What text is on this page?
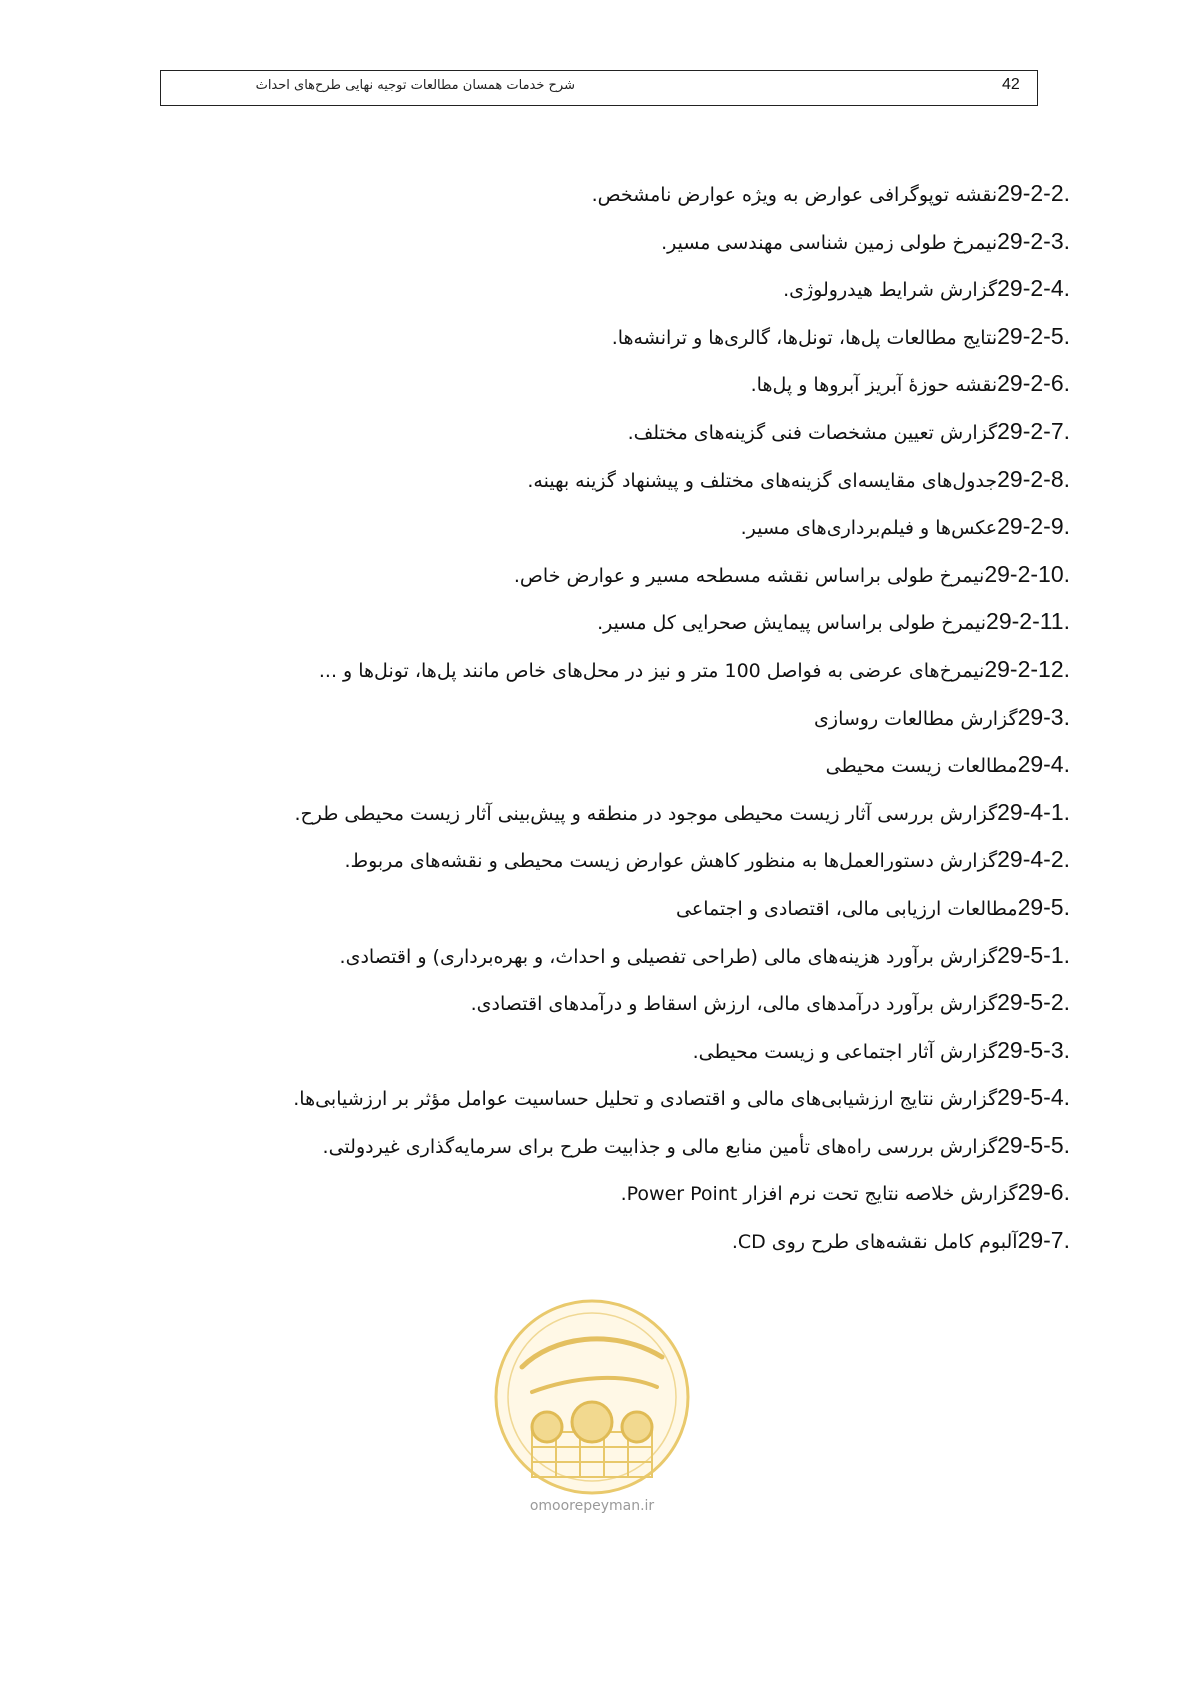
42
شرح خدمات همسان مطالعات توجیه نهایی طرح‌های احداث
29-2-2.نقشه توپوگرافی عوارض به ویژه عوارض نامشخص.
29-2-3.نیمرخ طولی زمین شناسی مهندسی مسیر.
29-2-4.گزارش شرایط هیدرولوژی.
29-2-5.نتایج مطالعات پل‌ها، تونل‌ها، گالری‌ها و ترانشه‌ها.
29-2-6.نقشه حوزهٔ آبریز آبروها و پل‌ها.
29-2-7.گزارش تعیین مشخصات فنی گزینه‌های مختلف.
29-2-8.جدول‌های مقایسه‌ای گزینه‌های مختلف و پیشنهاد گزینه بهینه.
29-2-9.عکس‌ها و فیلم‌برداری‌های مسیر.
29-2-10.نیمرخ طولی براساس نقشه مسطحه مسیر و عوارض خاص.
29-2-11.نیمرخ طولی براساس پیمایش صحرایی کل مسیر.
29-2-12.نیمرخ‌های عرضی به فواصل 100 متر و نیز در محل‌های خاص مانند پل‌ها، تونل‌ها و ...
29-3.گزارش مطالعات روسازی
29-4.مطالعات زیست محیطی
29-4-1.گزارش بررسی آثار زیست محیطی موجود در منطقه و پیش‌بینی آثار زیست محیطی طرح.
29-4-2.گزارش دستورالعمل‌ها به منظور کاهش عوارض زیست محیطی و نقشه‌های مربوط.
29-5.مطالعات ارزیابی مالی، اقتصادی و اجتماعی
29-5-1.گزارش برآورد هزینه‌های مالی (طراحی تفصیلی و احداث، و بهره‌برداری) و اقتصادی.
29-5-2.گزارش برآورد درآمدهای مالی، ارزش اسقاط و درآمدهای اقتصادی.
29-5-3.گزارش آثار اجتماعی و زیست محیطی.
29-5-4.گزارش نتایج ارزشیابی‌های مالی و اقتصادی و تحلیل حساسیت عوامل مؤثر بر ارزشیابی‌ها.
29-5-5.گزارش بررسی راه‌های تأمین منابع مالی و جذابیت طرح برای سرمایه‌گذاری غیردولتی.
29-6.گزارش خلاصه نتایج تحت نرم افزار Power Point.
29-7.آلبوم کامل نقشه‌های طرح روی CD.
omoorepeyman.ir
